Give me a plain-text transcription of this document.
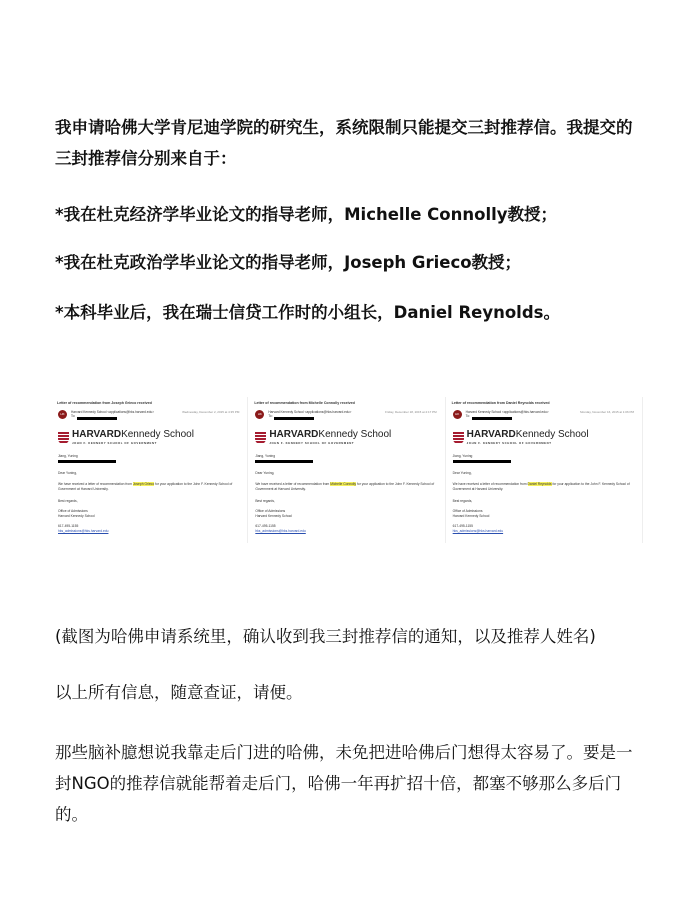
我申请哈佛大学肯尼迪学院的研究生，系统限制只能提交三封推荐信。我提交的三封推荐信分别来自于：
*我在杜克经济学毕业论文的指导老师，Michelle Connolly教授；
*我在杜克政治学毕业论文的指导老师，Joseph Grieco教授；
*本科毕业后，我在瑞士信贷工作时的小组长，Daniel Reynolds。
Letter of recommendation from Joseph Grieco received
HK	Harvard Kennedy School <applications@hks.harvard.edu>
To:
Wednesday, December 2, 2015 at 4:35 PM
HARVARDKennedy School
JOHN F. KENNEDY SCHOOL OF GOVERNMENT
Jiang, Yuning
Dear Yuning,
We have received a letter of recommendation from Joseph Grieco for your application to the John F. Kennedy School of Government at Harvard University.
Best regards,
Office of Admissions
Harvard Kennedy School
617-495-1155
hks_admissions@hks.harvard.edu
Letter of recommendation from Michelle Connolly received
HK	Harvard Kennedy School <applications@hks.harvard.edu>
To:
Friday, December 18, 2015 at 2:17 PM
HARVARDKennedy School
JOHN F. KENNEDY SCHOOL OF GOVERNMENT
Jiang, Yuning
Dear Yuning,
We have received a letter of recommendation from Michelle Connolly for your application to the John F. Kennedy School of Government at Harvard University.
Best regards,
Office of Admissions
Harvard Kennedy School
617-495-1155
hks_admissions@hks.harvard.edu
Letter of recommendation from Daniel Reynolds received
HK	Harvard Kennedy School <applications@hks.harvard.edu>
To:
Monday, November 16, 2015 at 1:06 PM
HARVARDKennedy School
JOHN F. KENNEDY SCHOOL OF GOVERNMENT
Jiang, Yuning
Dear Yuning,
We have received a letter of recommendation from Daniel Reynolds for your application to the John F. Kennedy School of Government at Harvard University.
Best regards,
Office of Admissions
Harvard Kennedy School
617-495-1155
hks_admissions@hks.harvard.edu
(截图为哈佛申请系统里，确认收到我三封推荐信的通知，以及推荐人姓名)
以上所有信息，随意查证，请便。
那些脑补臆想说我靠走后门进的哈佛，未免把进哈佛后门想得太容易了。要是一封NGO的推荐信就能帮着走后门，哈佛一年再扩招十倍，都塞不够那么多后门的。
